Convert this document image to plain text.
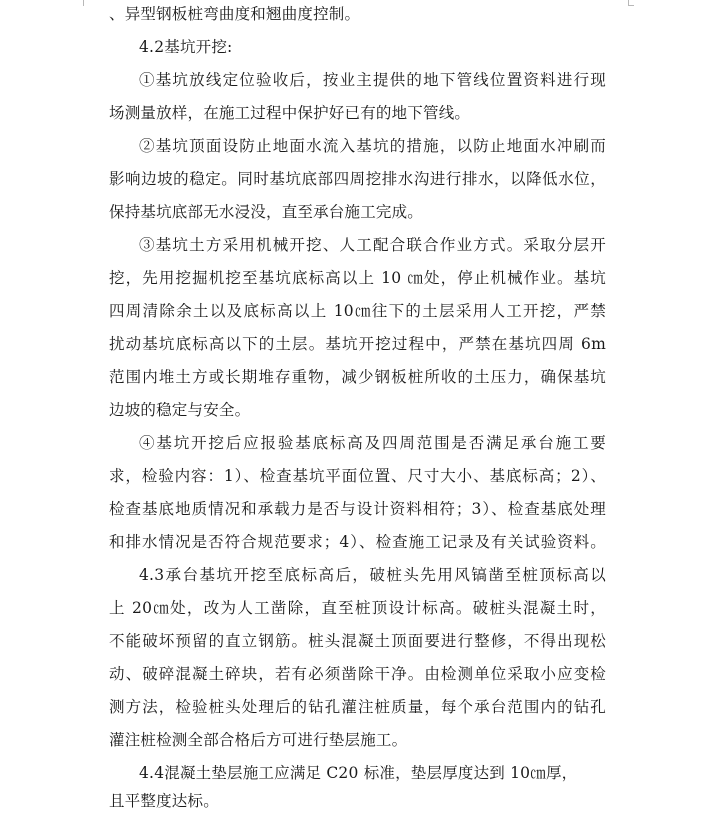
、异型钢板桩弯曲度和翘曲度控制。
4.2基坑开挖:
①基坑放线定位验收后，按业主提供的地下管线位置资料进行现
场测量放样，在施工过程中保护好已有的地下管线。
②基坑顶面设防止地面水流入基坑的措施，以防止地面水冲刷而
影响边坡的稳定。同时基坑底部四周挖排水沟进行排水，以降低水位，
保持基坑底部无水浸没，直至承台施工完成。
③基坑土方采用机械开挖、人工配合联合作业方式。采取分层开
挖，先用挖掘机挖至基坑底标高以上 10 ㎝处，停止机械作业。基坑
四周清除余土以及底标高以上 10㎝往下的土层采用人工开挖，严禁
扰动基坑底标高以下的土层。基坑开挖过程中，严禁在基坑四周 6m
范围内堆土方或长期堆存重物，减少钢板桩所收的土压力，确保基坑
边坡的稳定与安全。
④基坑开挖后应报验基底标高及四周范围是否满足承台施工要
求，检验内容：1）、检查基坑平面位置、尺寸大小、基底标高；2）、
检查基底地质情况和承载力是否与设计资料相符；3）、检查基底处理
和排水情况是否符合规范要求；4）、检查施工记录及有关试验资料。
4.3承台基坑开挖至底标高后，破桩头先用风镐凿至桩顶标高以
上 20㎝处，改为人工凿除，直至桩顶设计标高。破桩头混凝土时，
不能破坏预留的直立钢筋。桩头混凝土顶面要进行整修，不得出现松
动、破碎混凝土碎块，若有必须凿除干净。由检测单位采取小应变检
测方法，检验桩头处理后的钻孔灌注桩质量，每个承台范围内的钻孔
灌注桩检测全部合格后方可进行垫层施工。
4.4混凝土垫层施工应满足 C20 标准，垫层厚度达到 10㎝厚，
且平整度达标。
